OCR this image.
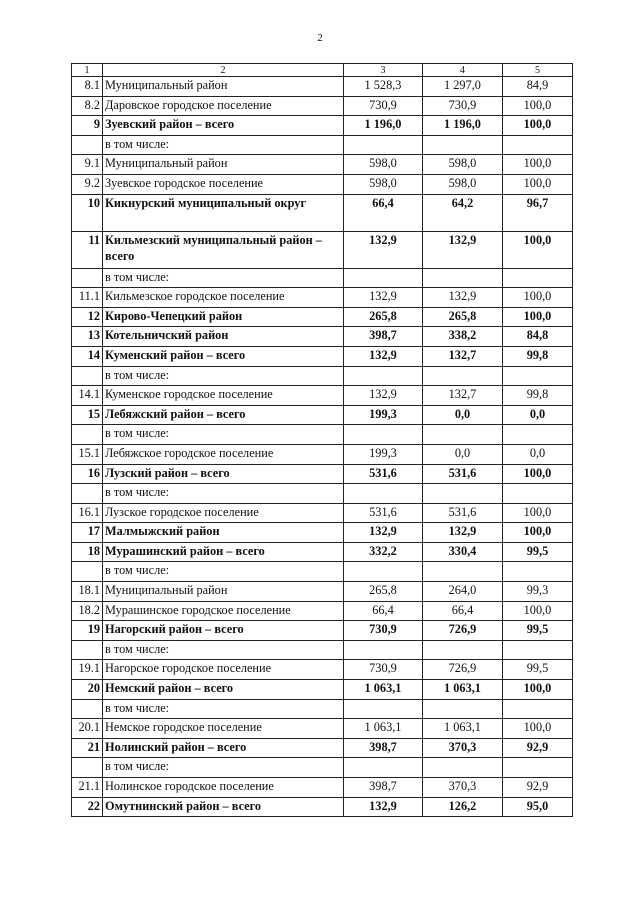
2
1	2	3	4	5
8.1	Муниципальный район	1 528,3	1 297,0	84,9
8.2	Даровское городское поселение	730,9	730,9	100,0
9	Зуевский район – всего	1 196,0	1 196,0	100,0
	в том числе:			
9.1	Муниципальный район	598,0	598,0	100,0
9.2	Зуевское городское поселение	598,0	598,0	100,0
10	Кикнурский муниципальный округ	66,4	64,2	96,7
11	Кильмезский муниципальный район – всего	132,9	132,9	100,0
	в том числе:			
11.1	Кильмезское городское поселение	132,9	132,9	100,0
12	Кирово-Чепецкий район	265,8	265,8	100,0
13	Котельничский район	398,7	338,2	84,8
14	Куменский район – всего	132,9	132,7	99,8
	в том числе:			
14.1	Куменское городское поселение	132,9	132,7	99,8
15	Лебяжский район – всего	199,3	0,0	0,0
	в том числе:			
15.1	Лебяжское городское поселение	199,3	0,0	0,0
16	Лузский район – всего	531,6	531,6	100,0
	в том числе:			
16.1	Лузское городское поселение	531,6	531,6	100,0
17	Малмыжский район	132,9	132,9	100,0
18	Мурашинский район – всего	332,2	330,4	99,5
	в том числе:			
18.1	Муниципальный район	265,8	264,0	99,3
18.2	Мурашинское городское поселение	66,4	66,4	100,0
19	Нагорский район – всего	730,9	726,9	99,5
	в том числе:			
19.1	Нагорское городское поселение	730,9	726,9	99,5
20	Немский район – всего	1 063,1	1 063,1	100,0
	в том числе:			
20.1	Немское городское поселение	1 063,1	1 063,1	100,0
21	Нолинский район – всего	398,7	370,3	92,9
	в том числе:			
21.1	Нолинское городское поселение	398,7	370,3	92,9
22	Омутнинский район – всего	132,9	126,2	95,0
